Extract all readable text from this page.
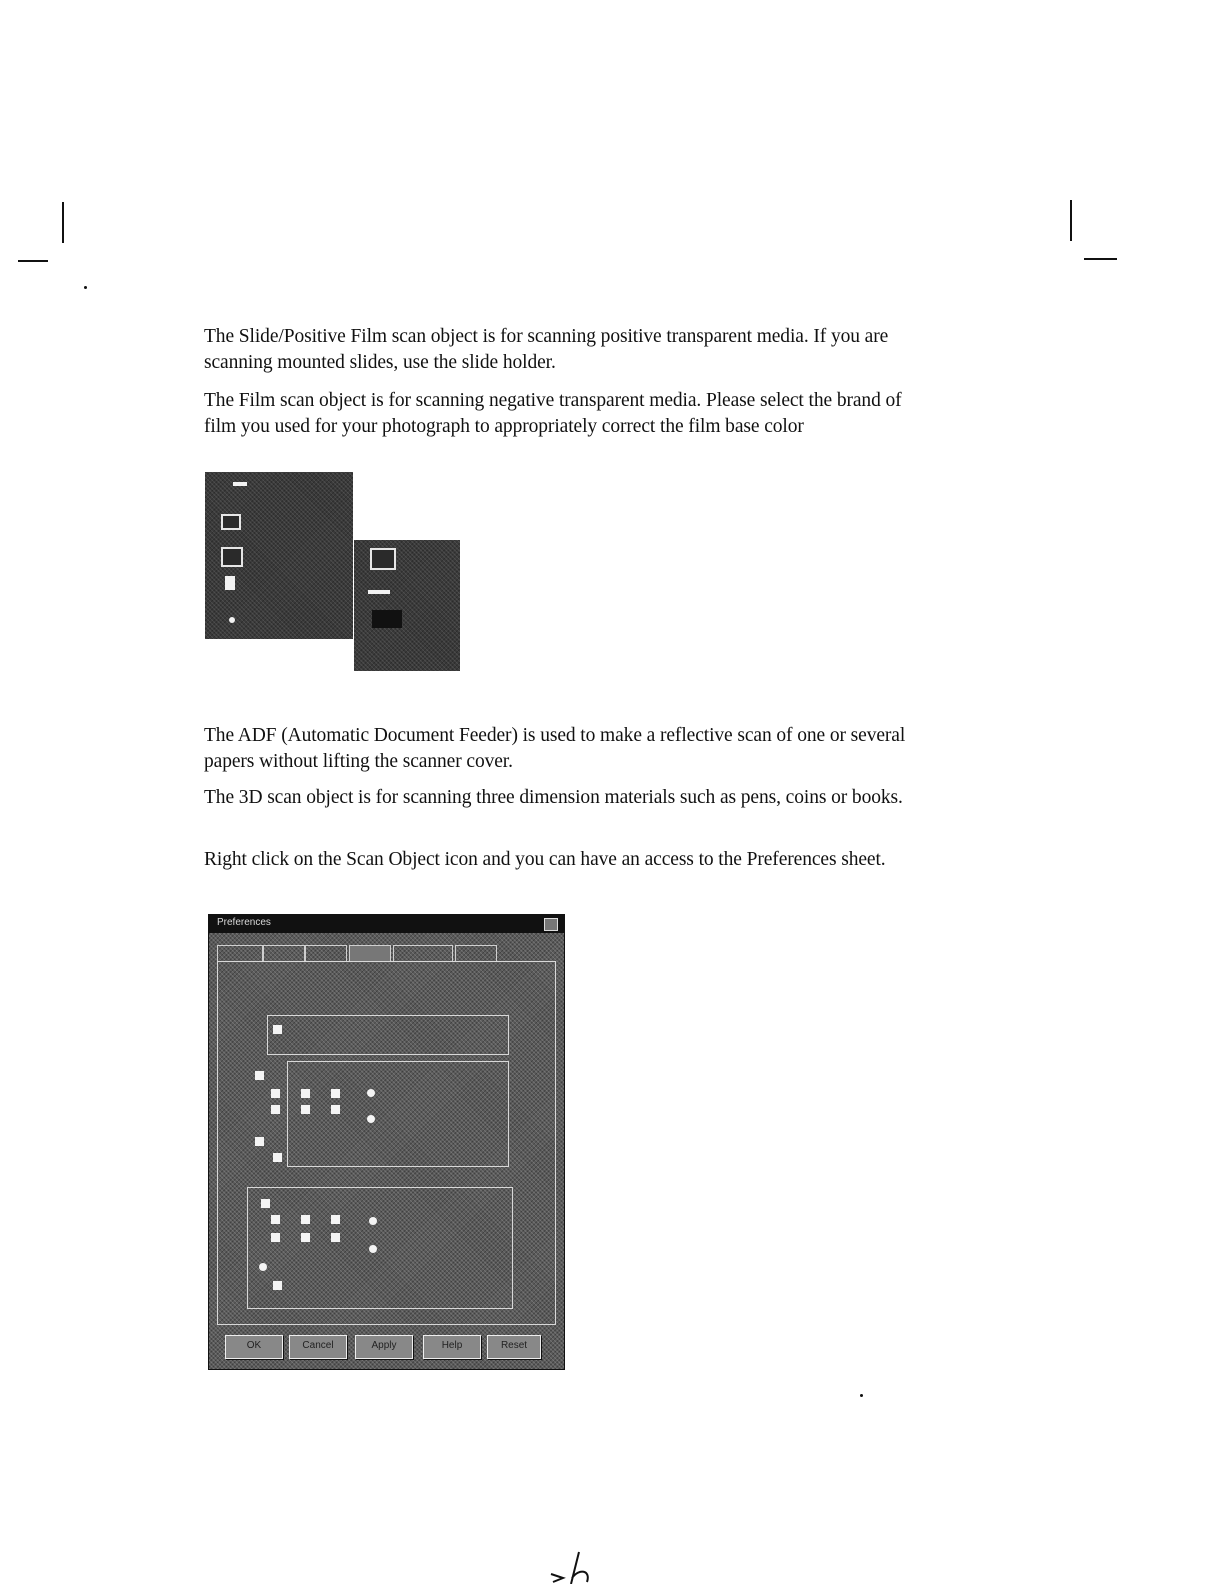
The Slide/Positive Film scan object is for scanning positive transparent media. If you are scanning mounted slides, use the slide holder.

The Film scan object is for scanning negative transparent media. Please select the brand of film you used for your photograph to appropriately correct the film base color

The ADF (Automatic Document Feeder) is used to make a reflective scan of one or several papers without lifting the scanner cover.

The 3D scan object is for scanning three dimension materials such as pens, coins or books.

Right click on the Scan Object icon and you can have an access to the Preferences sheet.

Preferences
OK	Cancel	Apply	Help	Reset
